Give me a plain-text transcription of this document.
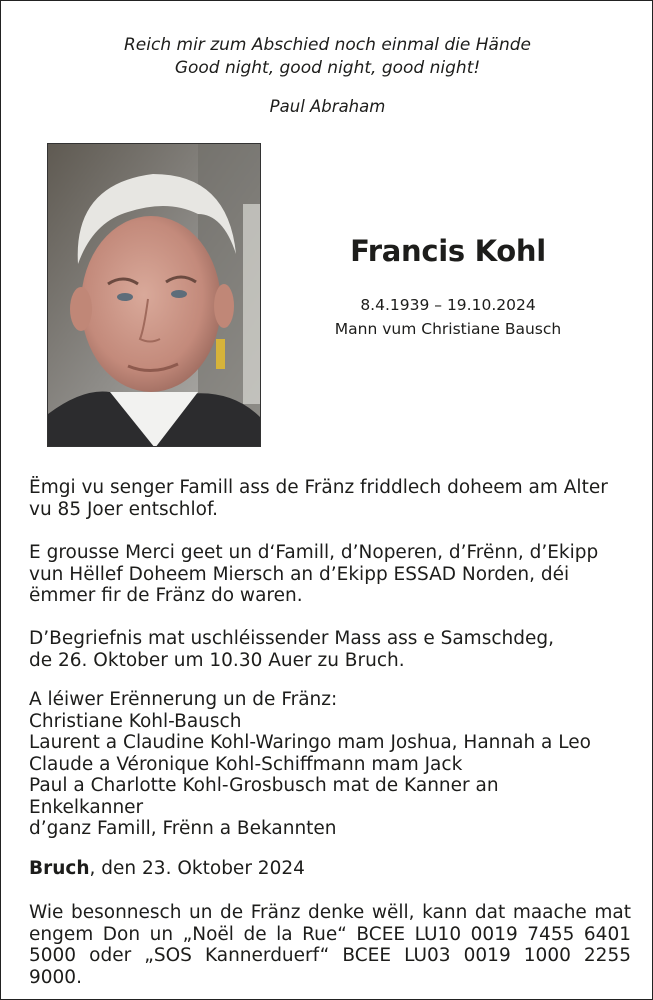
Reich mir zum Abschied noch einmal die Hände
Good night, good night, good night!
Paul Abraham
Francis Kohl
8.4.1939 – 19.10.2024
Mann vum Christiane Bausch
Ëmgi vu senger Famill ass de Fränz friddlech doheem am Alter
vu 85 Joer entschlof.
E grousse Merci geet un d‘Famill, d’Noperen, d’Frënn, d’Ekipp
vun Hëllef Doheem Miersch an d’Ekipp ESSAD Norden, déi
ëmmer fir de Fränz do waren.
D’Begriefnis mat uschléissender Mass ass e Samschdeg,
de 26. Oktober um 10.30 Auer zu Bruch.
A léiwer Erënnerung un de Fränz:
Christiane Kohl-Bausch
Laurent a Claudine Kohl-Waringo mam Joshua, Hannah a Leo
Claude a Véronique Kohl-Schiffmann mam Jack
Paul a Charlotte Kohl-Grosbusch mat de Kanner an
Enkelkanner
d’ganz Famill, Frënn a Bekannten
Bruch, den 23. Oktober 2024
Wie besonnesch un de Fränz denke wëll, kann dat maache mat engem Don un „Noël de la Rue“ BCEE LU10 0019 7455 6401 5000 oder „SOS Kannerduerf“ BCEE LU03 0019 1000 2255 9000.
